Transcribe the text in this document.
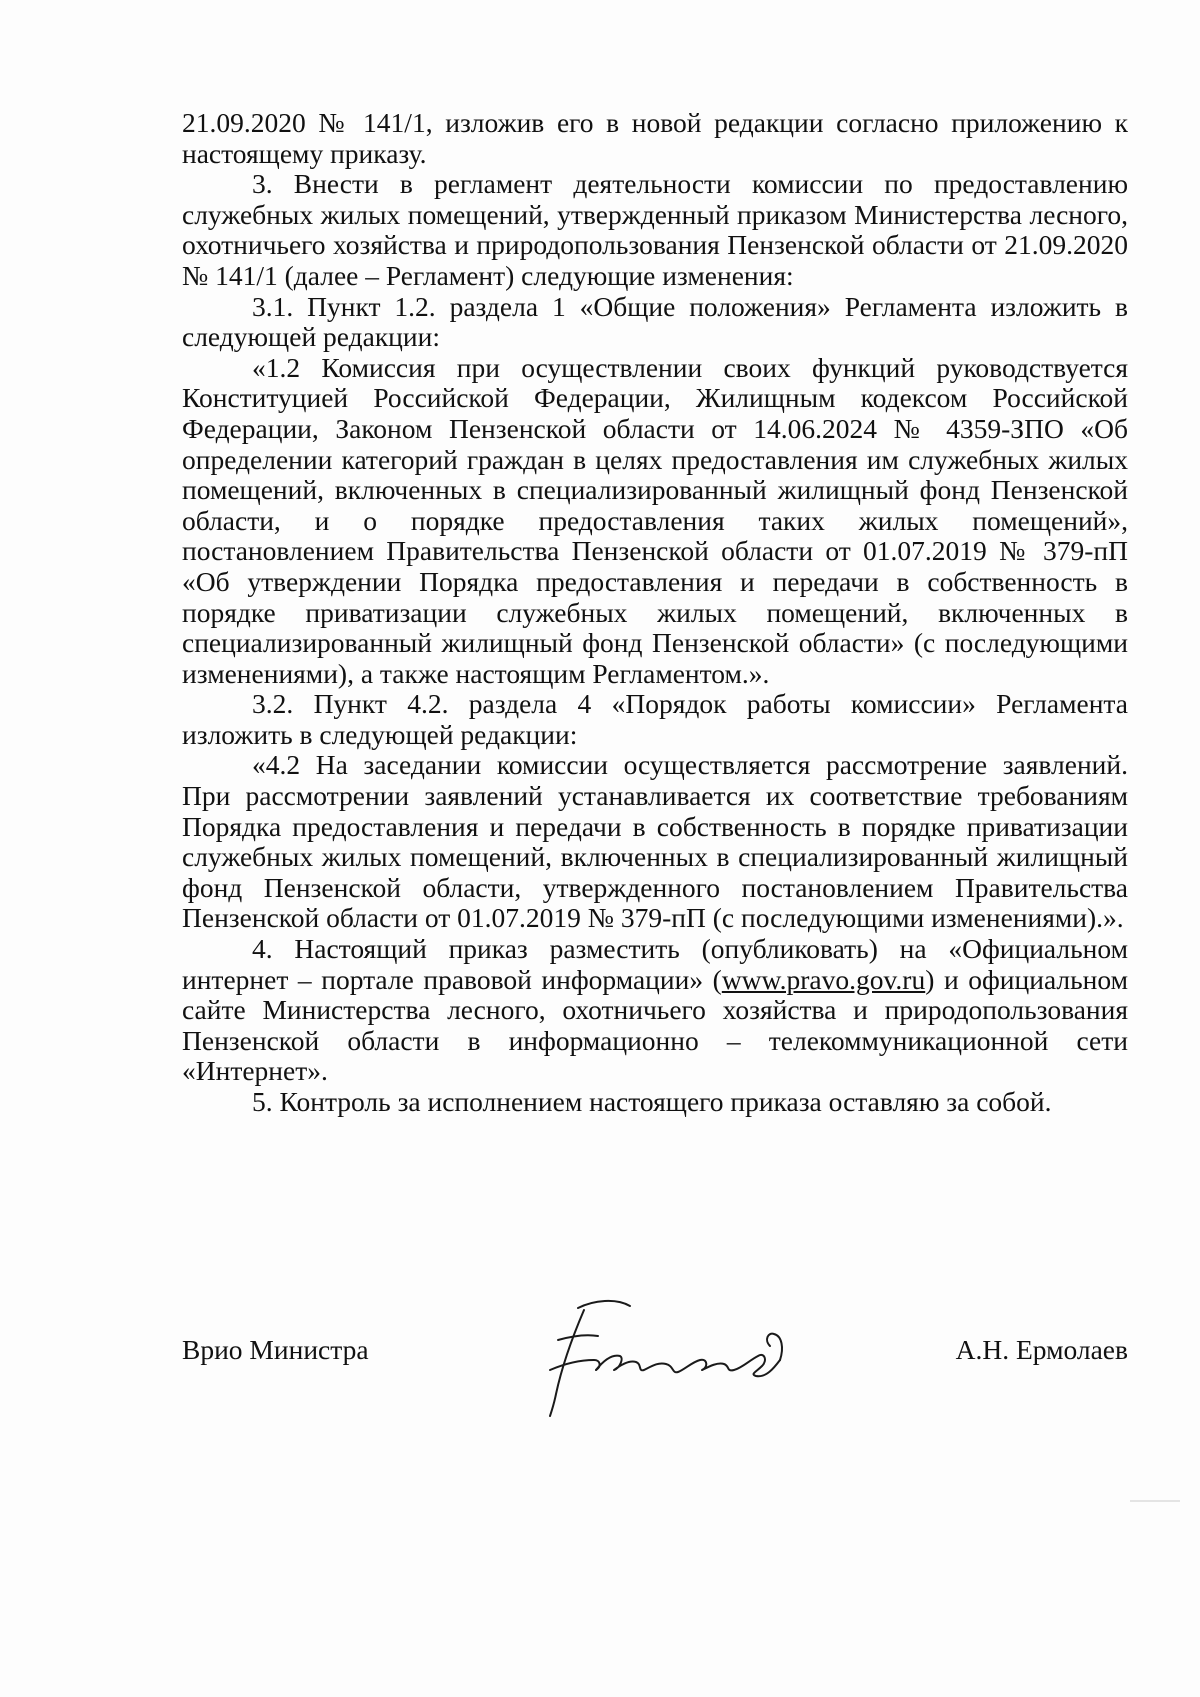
21.09.2020 № 141/1, изложив его в новой редакции согласно приложению к настоящему приказу.

3. Внести в регламент деятельности комиссии по предоставлению служебных жилых помещений, утвержденный приказом Министерства лесного, охотничьего хозяйства и природопользования Пензенской области от 21.09.2020 № 141/1 (далее – Регламент) следующие изменения:

3.1. Пункт 1.2. раздела 1 «Общие положения» Регламента изложить в следующей редакции:

«1.2 Комиссия при осуществлении своих функций руководствуется Конституцией Российской Федерации, Жилищным кодексом Российской Федерации, Законом Пензенской области от 14.06.2024 № 4359-ЗПО «Об определении категорий граждан в целях предоставления им служебных жилых помещений, включенных в специализированный жилищный фонд Пензенской области, и о порядке предоставления таких жилых помещений», постановлением Правительства Пензенской области от 01.07.2019 № 379-пП «Об утверждении Порядка предоставления и передачи в собственность в порядке приватизации служебных жилых помещений, включенных в специализированный жилищный фонд Пензенской области» (с последующими изменениями), а также настоящим Регламентом.».

3.2. Пункт 4.2. раздела 4 «Порядок работы комиссии» Регламента изложить в следующей редакции:

«4.2 На заседании комиссии осуществляется рассмотрение заявлений. При рассмотрении заявлений устанавливается их соответствие требованиям Порядка предоставления и передачи в собственность в порядке приватизации служебных жилых помещений, включенных в специализированный жилищный фонд Пензенской области, утвержденного постановлением Правительства Пензенской области от 01.07.2019 № 379-пП (с последующими изменениями).».

4. Настоящий приказ разместить (опубликовать) на «Официальном интернет – портале правовой информации» (www.pravo.gov.ru) и официальном сайте Министерства лесного, охотничьего хозяйства и природопользования Пензенской области в информационно – телекоммуникационной сети «Интернет».

5. Контроль за исполнением настоящего приказа оставляю за собой.

Врио Министра	А.Н. Ермолаев
